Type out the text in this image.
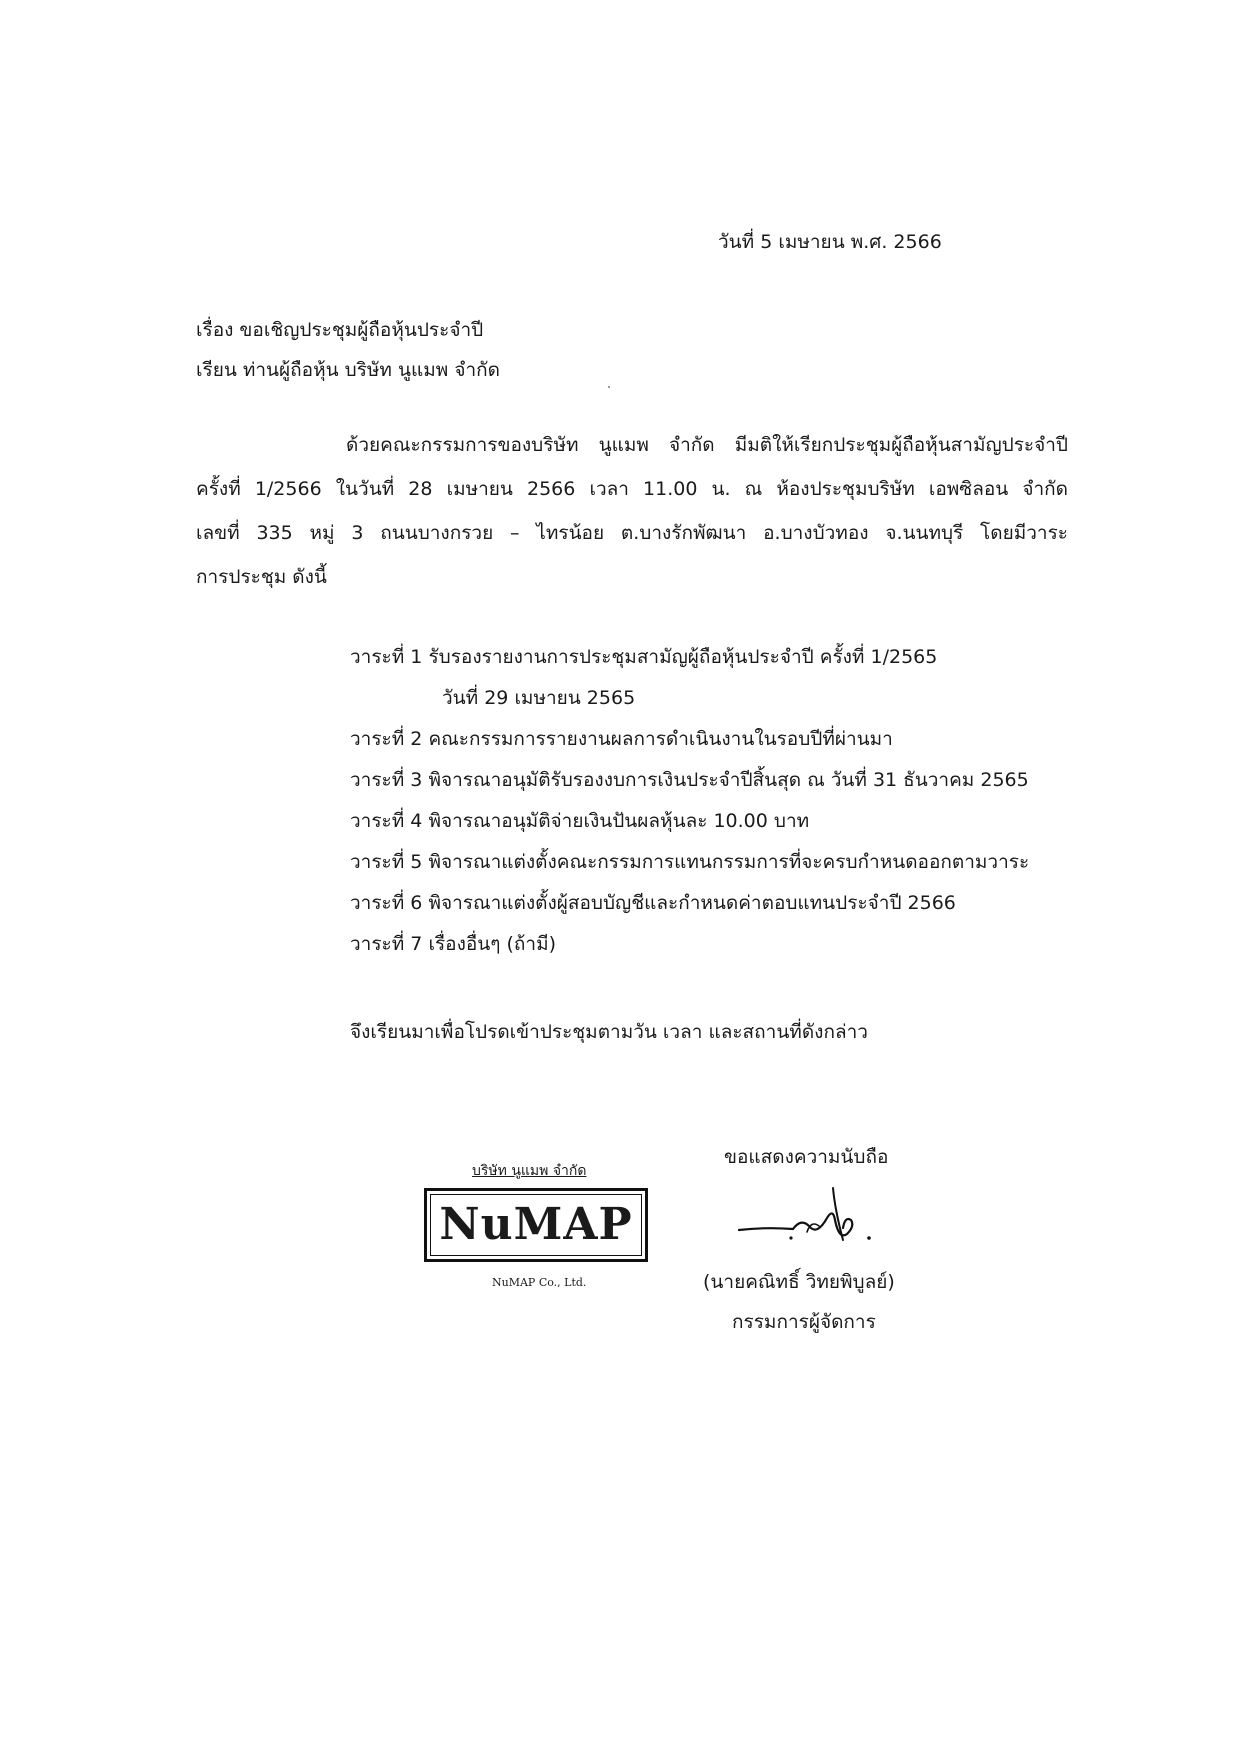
วันที่ 5 เมษายน พ.ศ. 2566
เรื่อง ขอเชิญประชุมผู้ถือหุ้นประจำปี
เรียน ท่านผู้ถือหุ้น บริษัท นูแมพ จำกัด
ด้วยคณะกรรมการของบริษัท นูแมพ จำกัด มีมติให้เรียกประชุมผู้ถือหุ้นสามัญประจำปี
ครั้งที่ 1/2566 ในวันที่ 28 เมษายน 2566 เวลา 11.00 น. ณ ห้องประชุมบริษัท เอพซิลอน จำกัด
เลขที่ 335 หมู่ 3 ถนนบางกรวย – ไทรน้อย ต.บางรักพัฒนา อ.บางบัวทอง จ.นนทบุรี โดยมีวาระ
การประชุม ดังนี้
วาระที่ 1 รับรองรายงานการประชุมสามัญผู้ถือหุ้นประจำปี ครั้งที่ 1/2565
วันที่ 29 เมษายน 2565
วาระที่ 2 คณะกรรมการรายงานผลการดำเนินงานในรอบปีที่ผ่านมา
วาระที่ 3 พิจารณาอนุมัติรับรองงบการเงินประจำปีสิ้นสุด ณ วันที่ 31 ธันวาคม 2565
วาระที่ 4 พิจารณาอนุมัติจ่ายเงินปันผลหุ้นละ 10.00 บาท
วาระที่ 5 พิจารณาแต่งตั้งคณะกรรมการแทนกรรมการที่จะครบกำหนดออกตามวาระ
วาระที่ 6 พิจารณาแต่งตั้งผู้สอบบัญชีและกำหนดค่าตอบแทนประจำปี 2566
วาระที่ 7 เรื่องอื่นๆ (ถ้ามี)
จึงเรียนมาเพื่อโปรดเข้าประชุมตามวัน เวลา และสถานที่ดังกล่าว
ขอแสดงความนับถือ
บริษัท นูแมพ จำกัด
NuMAP
NuMAP Co., Ltd.	(นายคณิทธิ์ วิทยพิบูลย์)
กรรมการผู้จัดการ
